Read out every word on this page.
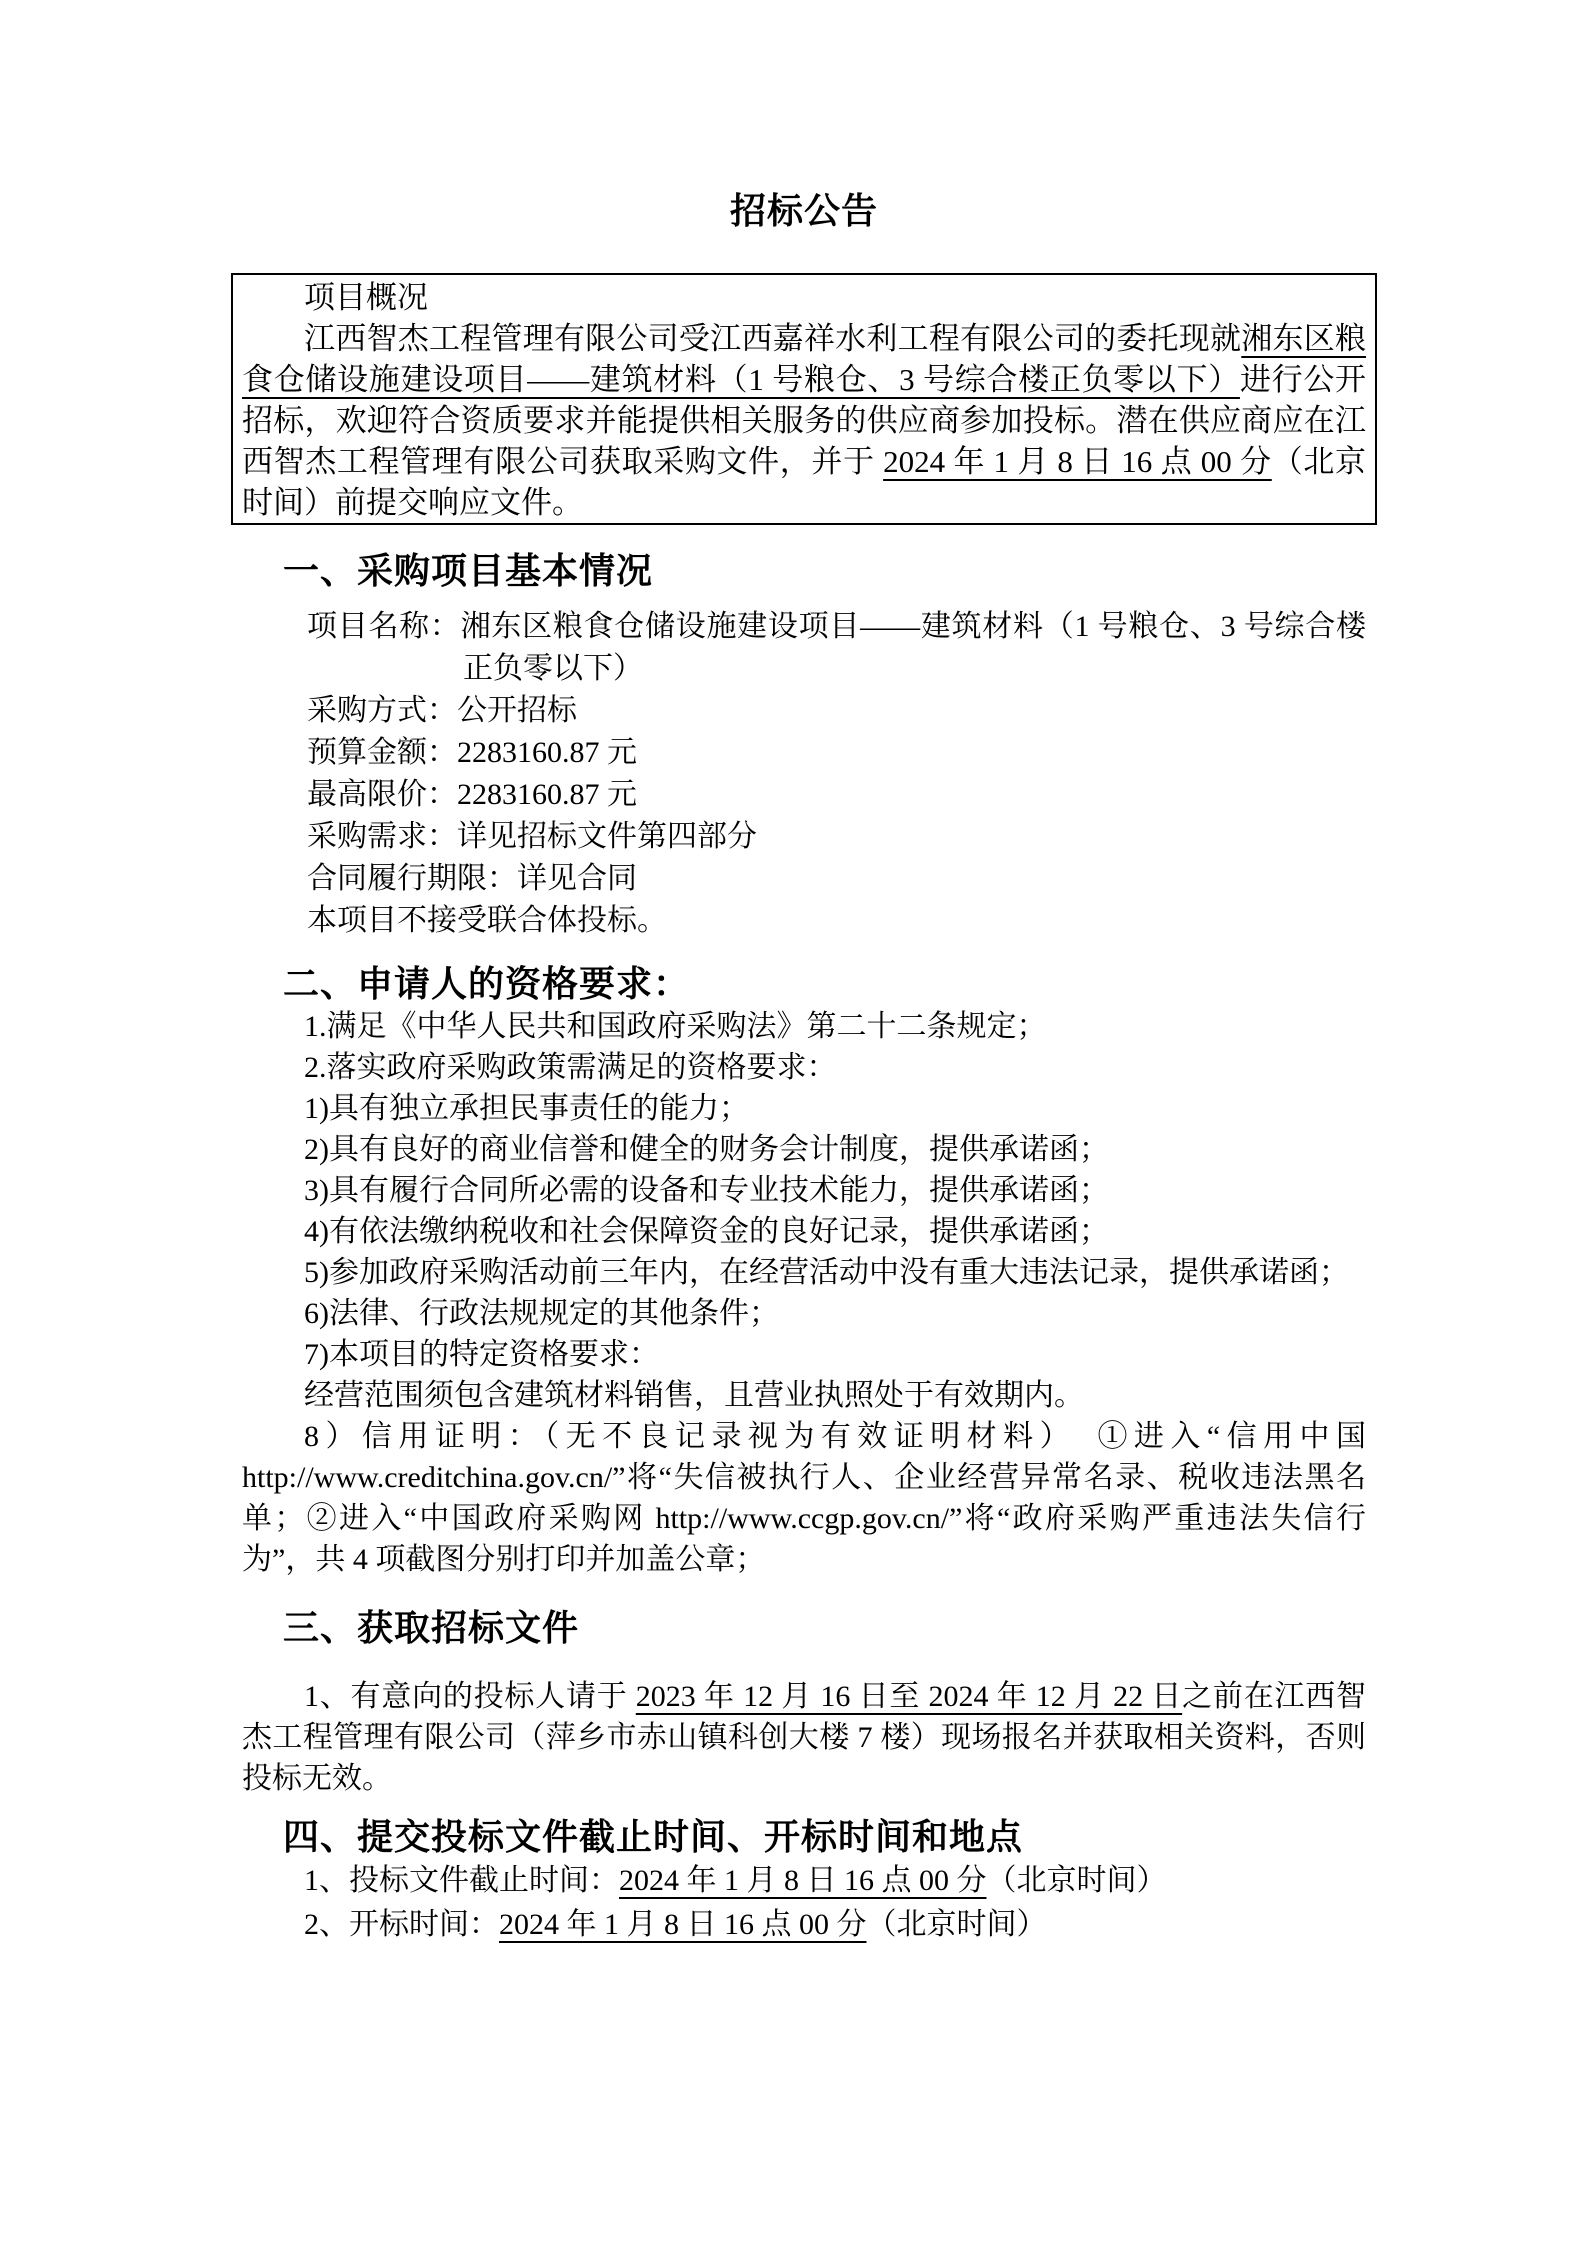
招标公告

项目概况

江西智杰工程管理有限公司受江西嘉祥水利工程有限公司的委托现就湘东区粮食仓储设施建设项目——建筑材料（1 号粮仓、3 号综合楼正负零以下）进行公开招标，欢迎符合资质要求并能提供相关服务的供应商参加投标。潜在供应商应在江西智杰工程管理有限公司获取采购文件，并于 2024 年 1 月 8 日 16 点 00 分（北京时间）前提交响应文件。

一、采购项目基本情况
项目名称：湘东区粮食仓储设施建设项目——建筑材料（1 号粮仓、3 号综合楼正负零以下）
采购方式：公开招标
预算金额：2283160.87 元
最高限价：2283160.87 元
采购需求：详见招标文件第四部分
合同履行期限：详见合同
本项目不接受联合体投标。
二、申请人的资格要求：
1.满足《中华人民共和国政府采购法》第二十二条规定；
2.落实政府采购政策需满足的资格要求：
1)具有独立承担民事责任的能力；
2)具有良好的商业信誉和健全的财务会计制度，提供承诺函；
3)具有履行合同所必需的设备和专业技术能力，提供承诺函；
4)有依法缴纳税收和社会保障资金的良好记录，提供承诺函；
5)参加政府采购活动前三年内，在经营活动中没有重大违法记录，提供承诺函；
6)法律、行政法规规定的其他条件；
7)本项目的特定资格要求：
经营范围须包含建筑材料销售，且营业执照处于有效期内。
8）信用证明：（无不良记录视为有效证明材料）　①进入“信用中国 http://www.creditchina.gov.cn/”将“失信被执行人、企业经营异常名录、税收违法黑名单；②进入“中国政府采购网 http://www.ccgp.gov.cn/”将“政府采购严重违法失信行为”，共 4 项截图分别打印并加盖公章；
三、获取招标文件

1、有意向的投标人请于 2023 年 12 月 16 日至 2024 年 12 月 22 日之前在江西智杰工程管理有限公司（萍乡市赤山镇科创大楼 7 楼）现场报名并获取相关资料，否则投标无效。

四、提交投标文件截止时间、开标时间和地点
1、投标文件截止时间：2024 年 1 月 8 日 16 点 00 分（北京时间）
2、开标时间：2024 年 1 月 8 日 16 点 00 分（北京时间）
